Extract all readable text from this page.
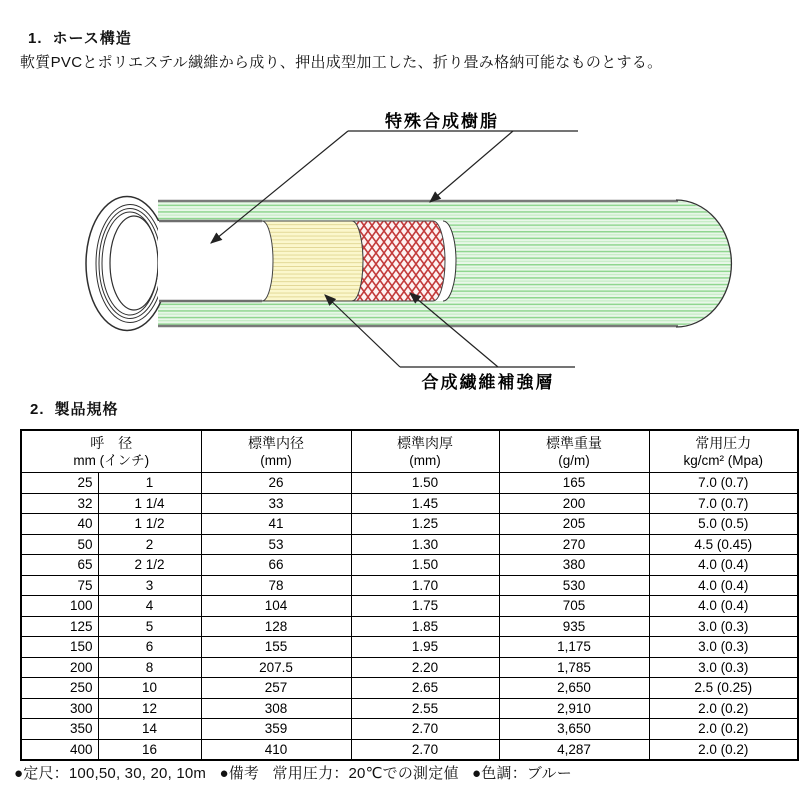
1. ホース構造
軟質PVCとポリエステル繊維から成り、押出成型加工した、折り畳み格納可能なものとする。
特殊合成樹脂
合成繊維補強層
2. 製品規格
呼　径
mm (インチ)

標準内径
(mm)

標準肉厚
(mm)

標準重量
(g/m)

常用圧力
kg/cm² (Mpa)

25	1	26	1.50	165	7.0 (0.7)
32	1 1/4	33	1.45	200	7.0 (0.7)
40	1 1/2	41	1.25	205	5.0 (0.5)
50	2	53	1.30	270	4.5 (0.45)
65	2 1/2	66	1.50	380	4.0 (0.4)
75	3	78	1.70	530	4.0 (0.4)
100	4	104	1.75	705	4.0 (0.4)
125	5	128	1.85	935	3.0 (0.3)
150	6	155	1.95	1,175	3.0 (0.3)
200	8	207.5	2.20	1,785	3.0 (0.3)
250	10	257	2.65	2,650	2.5 (0.25)
300	12	308	2.55	2,910	2.0 (0.2)
350	14	359	2.70	3,650	2.0 (0.2)
400	16	410	2.70	4,287	2.0 (0.2)
●定尺：100,50, 30, 20, 10m ●備考 常用圧力：20℃での測定値 ●色調：ブルー
